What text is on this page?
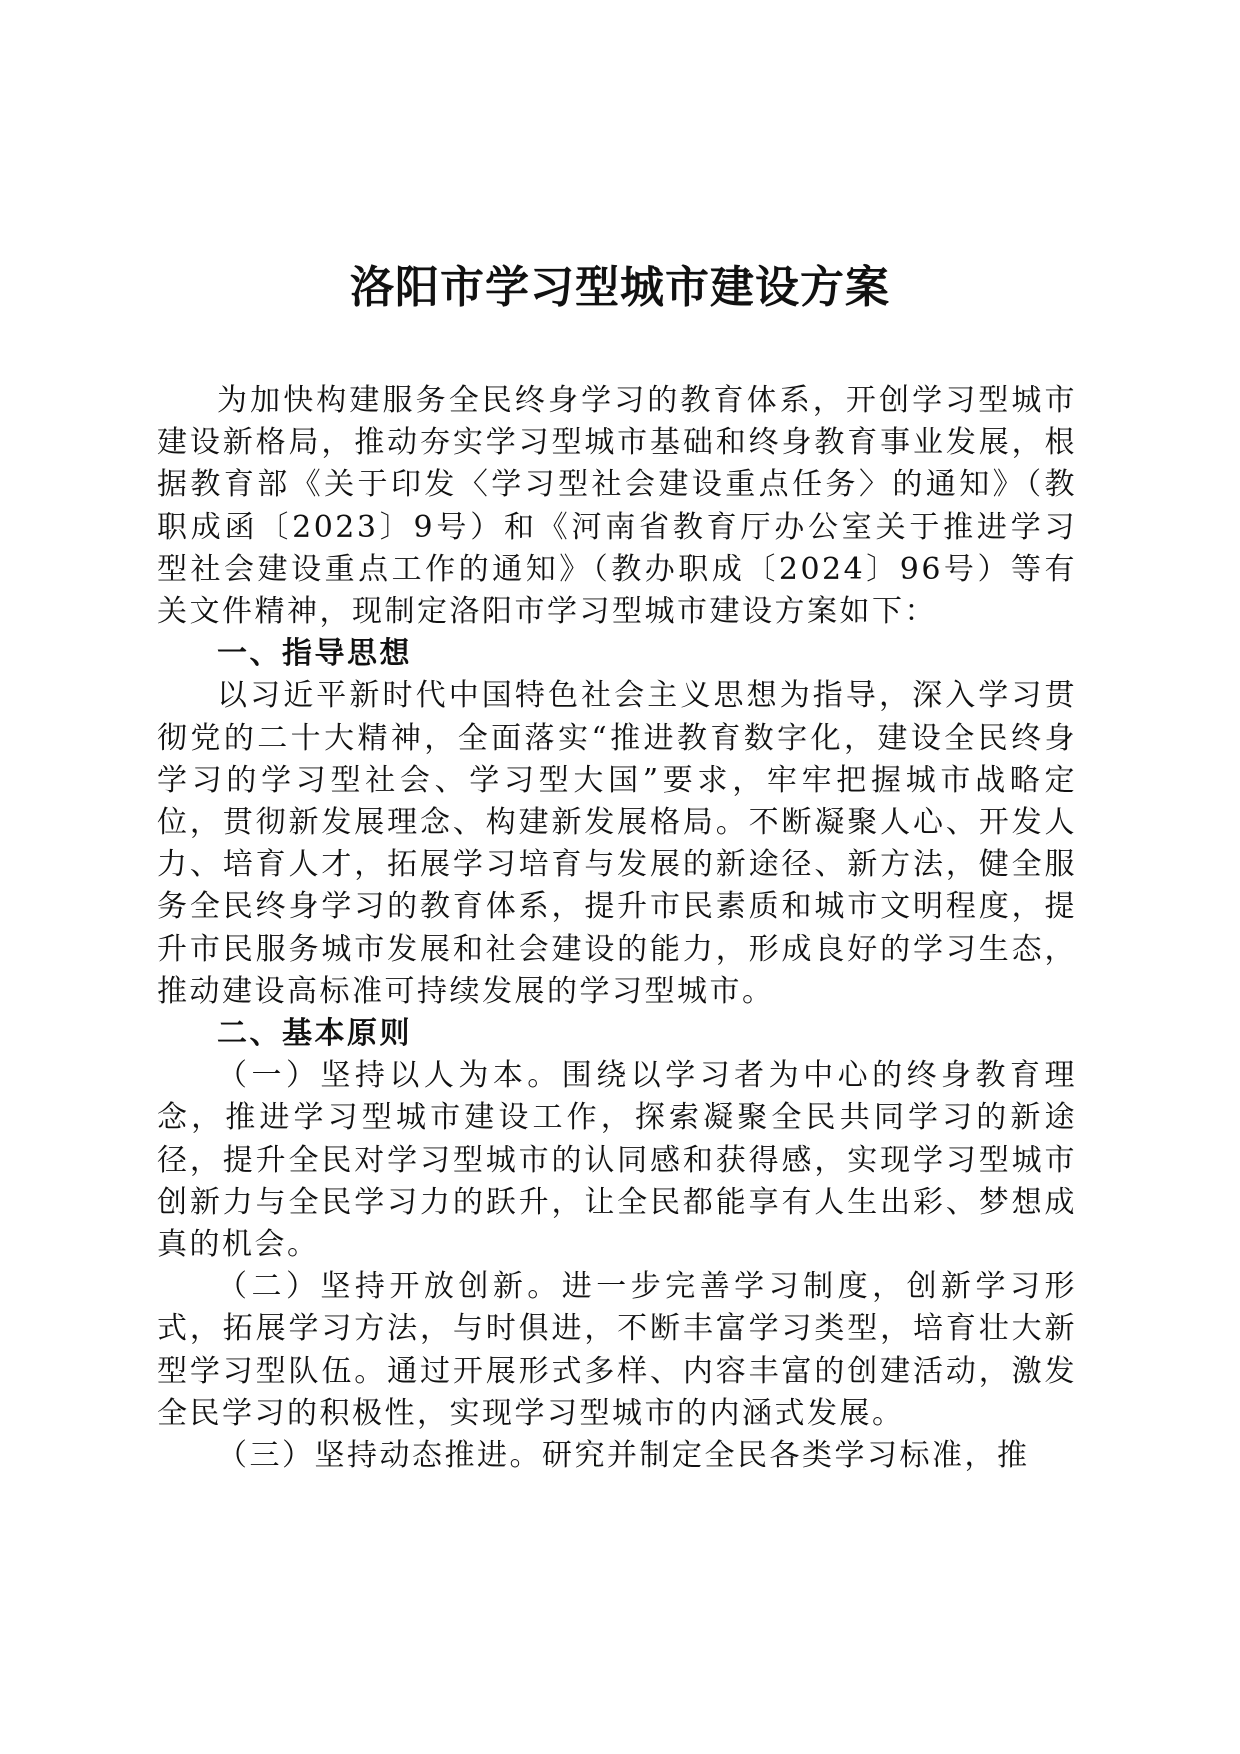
洛阳市学习型城市建设方案

为加快构建服务全民终身学习的教育体系，开创学习型城市建设新格局，推动夯实学习型城市基础和终身教育事业发展，根据教育部《关于印发〈学习型社会建设重点任务〉的通知》（教职成函〔2023〕9号）和《河南省教育厅办公室关于推进学习型社会建设重点工作的通知》（教办职成〔2024〕96号）等有关文件精神，现制定洛阳市学习型城市建设方案如下：

一、指导思想

以习近平新时代中国特色社会主义思想为指导，深入学习贯彻党的二十大精神，全面落实“推进教育数字化，建设全民终身学习的学习型社会、学习型大国”要求，牢牢把握城市战略定位，贯彻新发展理念、构建新发展格局。不断凝聚人心、开发人力、培育人才，拓展学习培育与发展的新途径、新方法，健全服务全民终身学习的教育体系，提升市民素质和城市文明程度，提升市民服务城市发展和社会建设的能力，形成良好的学习生态，推动建设高标准可持续发展的学习型城市。

二、基本原则

（一）坚持以人为本。围绕以学习者为中心的终身教育理念，推进学习型城市建设工作，探索凝聚全民共同学习的新途径，提升全民对学习型城市的认同感和获得感，实现学习型城市创新力与全民学习力的跃升，让全民都能享有人生出彩、梦想成真的机会。

（二）坚持开放创新。进一步完善学习制度，创新学习形式，拓展学习方法，与时俱进，不断丰富学习类型，培育壮大新型学习型队伍。通过开展形式多样、内容丰富的创建活动，激发全民学习的积极性，实现学习型城市的内涵式发展。

（三）坚持动态推进。研究并制定全民各类学习标准，推
